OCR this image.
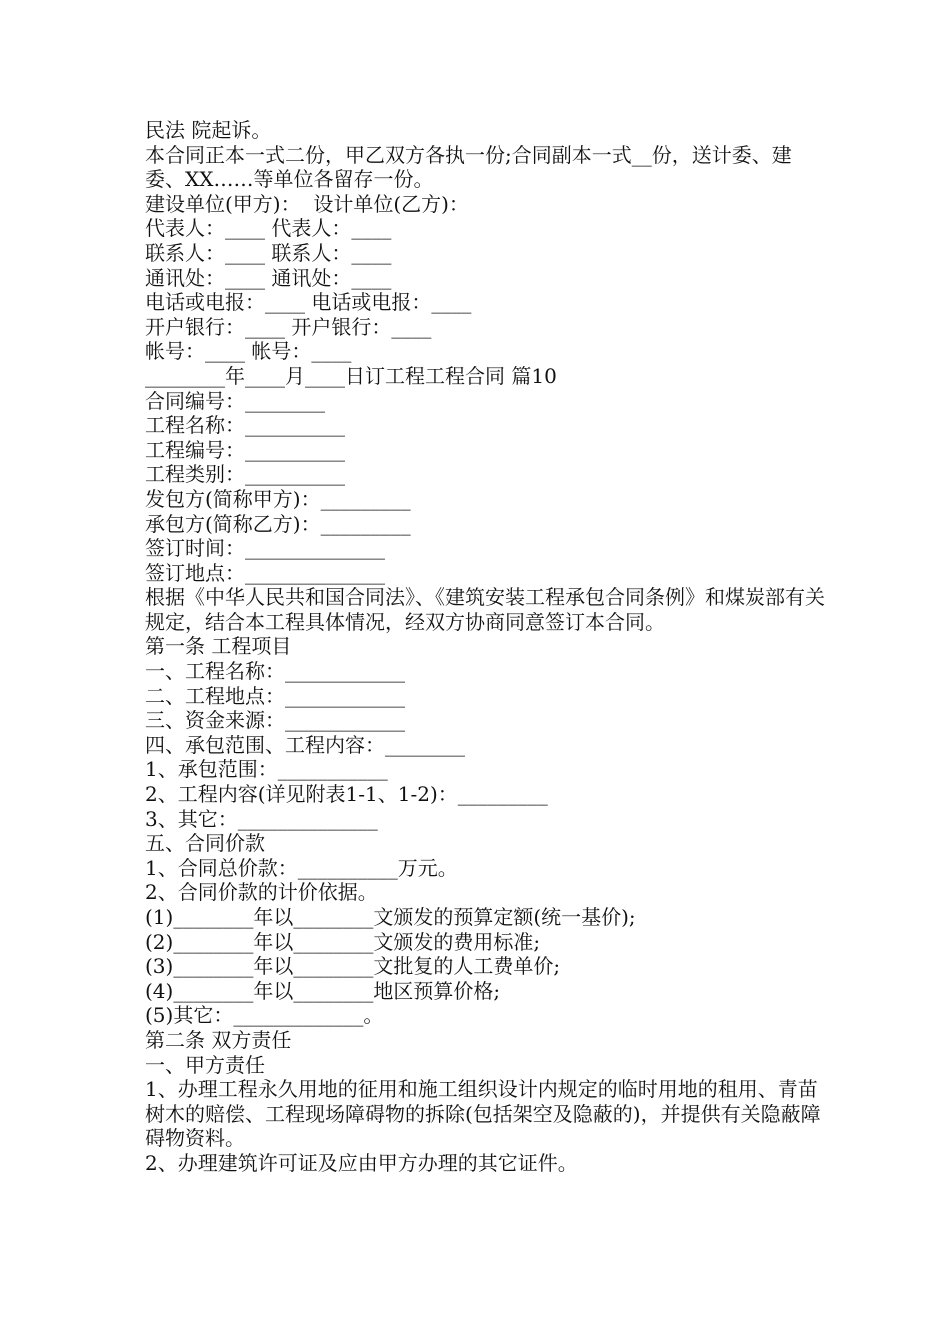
民法 院起诉。
本合同正本一式二份，甲乙双方各执一份;合同副本一式__份，送计委、建委、XX……等单位各留存一份。
建设单位(甲方)：  设计单位(乙方)：
代表人：____ 代表人：____
联系人：____ 联系人：____
通讯处：____ 通讯处：____
电话或电报：____ 电话或电报：____
开户银行：____ 开户银行：____
帐号：____ 帐号：____
________年____月____日订工程工程合同 篇10
合同编号：________
工程名称：__________
工程编号：__________
工程类别：__________
发包方(简称甲方)：_________
承包方(简称乙方)：_________
签订时间：______________
签订地点：______________
根据《中华人民共和国合同法》、《建筑安装工程承包合同条例》和煤炭部有关规定，结合本工程具体情况，经双方协商同意签订本合同。
第一条 工程项目
一、工程名称：____________
二、工程地点：____________
三、资金来源：____________
四、承包范围、工程内容：________
1、承包范围：___________
2、工程内容(详见附表1-1、1-2)：_________
3、其它：______________
五、合同价款
1、合同总价款：__________万元。
2、合同价款的计价依据。
(1)________年以________文颁发的预算定额(统一基价);
(2)________年以________文颁发的费用标准;
(3)________年以________文批复的人工费单价;
(4)________年以________地区预算价格;
(5)其它：_____________。
第二条 双方责任
一、甲方责任
1、办理工程永久用地的征用和施工组织设计内规定的临时用地的租用、青苗树木的赔偿、工程现场障碍物的拆除(包括架空及隐蔽的)，并提供有关隐蔽障碍物资料。
2、办理建筑许可证及应由甲方办理的其它证件。
